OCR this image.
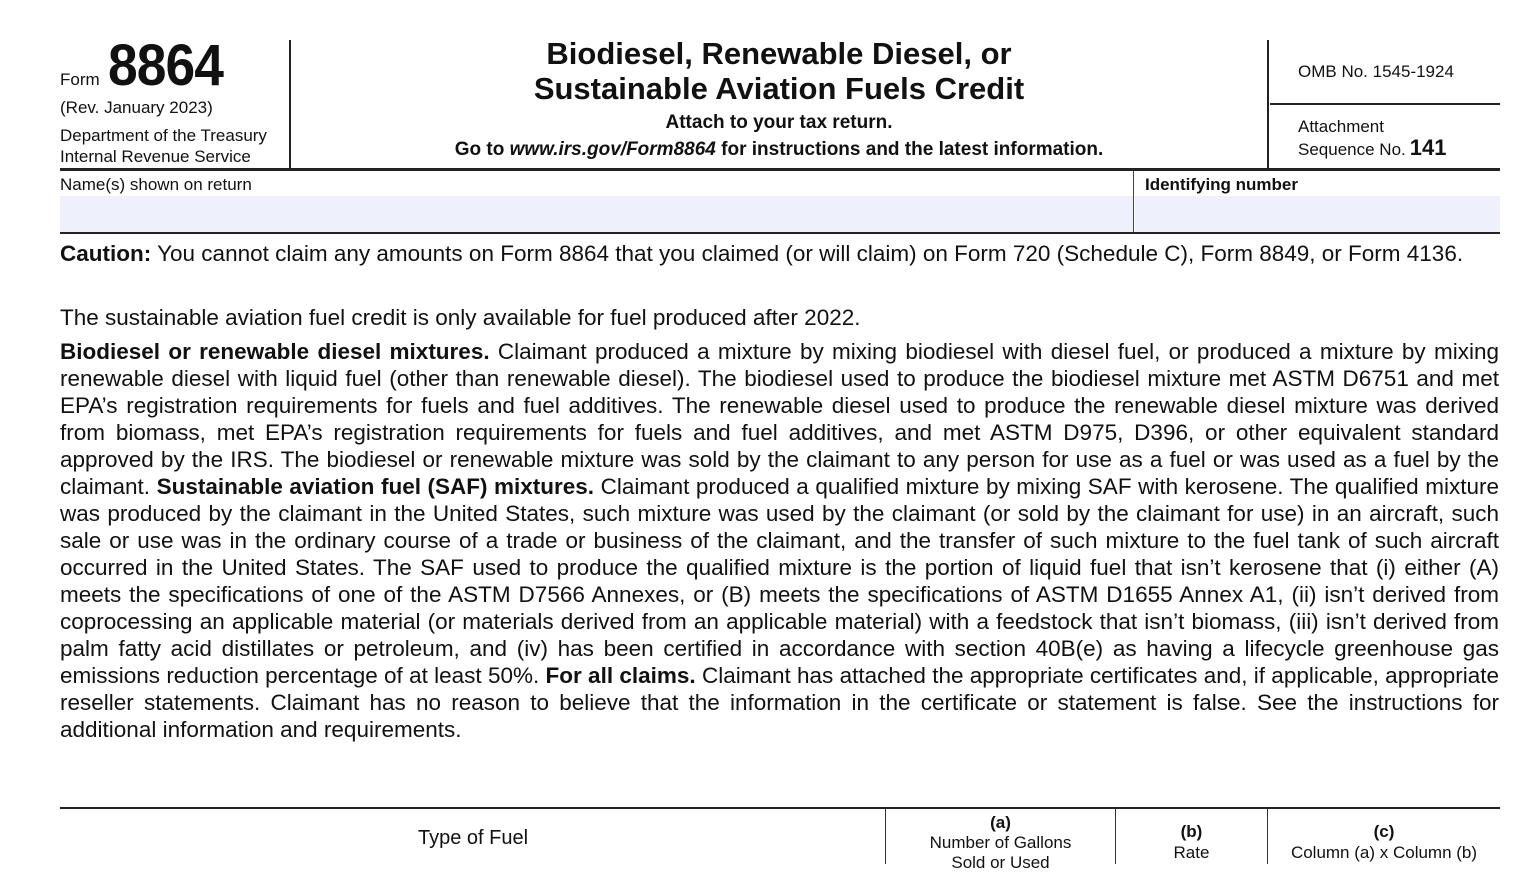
Form 8864
(Rev. January 2023)
Department of the Treasury
Internal Revenue Service
Biodiesel, Renewable Diesel, or
Sustainable Aviation Fuels Credit
Attach to your tax return.
Go to www.irs.gov/Form8864 for instructions and the latest information.
OMB No. 1545-1924
Attachment
Sequence No. 141
Name(s) shown on return	Identifying number
Caution: You cannot claim any amounts on Form 8864 that you claimed (or will claim) on Form 720 (Schedule C), Form 8849, or Form 4136.
The sustainable aviation fuel credit is only available for fuel produced after 2022.
Biodiesel or renewable diesel mixtures. Claimant produced a mixture by mixing biodiesel with diesel fuel, or produced a mixture by mixing renewable diesel with liquid fuel (other than renewable diesel). The biodiesel used to produce the biodiesel mixture met ASTM D6751 and met EPA’s registration requirements for fuels and fuel additives. The renewable diesel used to produce the renewable diesel mixture was derived from biomass, met EPA’s registration requirements for fuels and fuel additives, and met ASTM D975, D396, or other equivalent standard approved by the IRS. The biodiesel or renewable mixture was sold by the claimant to any person for use as a fuel or was used as a fuel by the claimant. Sustainable aviation fuel (SAF) mixtures. Claimant produced a qualified mixture by mixing SAF with kerosene. The qualified mixture was produced by the claimant in the United States, such mixture was used by the claimant (or sold by the claimant for use) in an aircraft, such sale or use was in the ordinary course of a trade or business of the claimant, and the transfer of such mixture to the fuel tank of such aircraft occurred in the United States. The SAF used to produce the qualified mixture is the portion of liquid fuel that isn’t kerosene that (i) either (A) meets the specifications of one of the ASTM D7566 Annexes, or (B) meets the specifications of ASTM D1655 Annex A1, (ii) isn’t derived from coprocessing an applicable material (or materials derived from an applicable material) with a feedstock that isn’t biomass, (iii) isn’t derived from palm fatty acid distillates or petroleum, and (iv) has been certified in accordance with section 40B(e) as having a lifecycle greenhouse gas emissions reduction percentage of at least 50%. For all claims. Claimant has attached the appropriate certificates and, if applicable, appropriate reseller statements. Claimant has no reason to believe that the information in the certificate or statement is false. See the instructions for additional information and requirements.
Type of Fuel
(a)
Number of Gallons
Sold or Used
(b)
Rate
(c)
Column (a) x Column (b)
